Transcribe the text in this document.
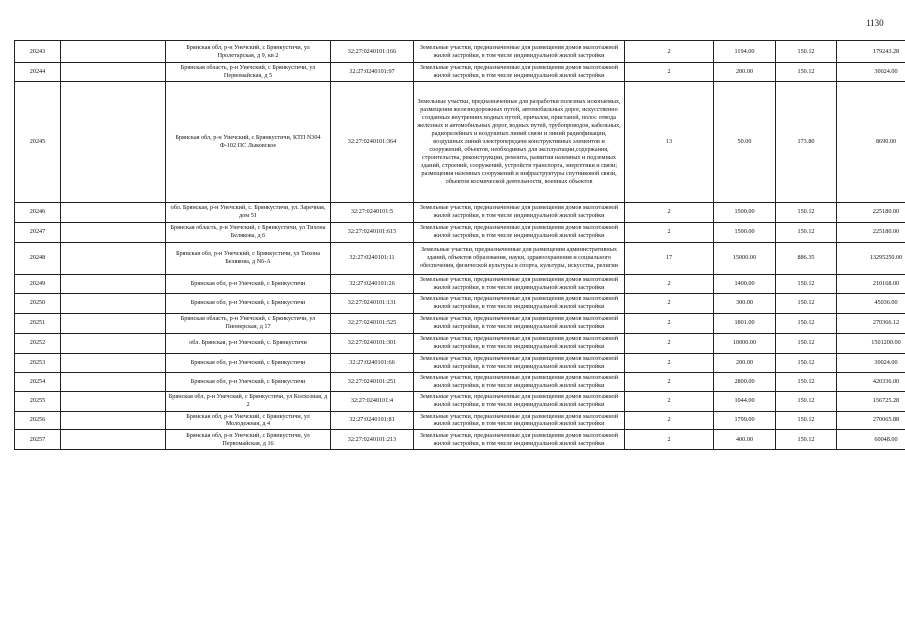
1130
20243		Брянская обл, р-н Унечский, с Брянкустичи, ул Пролетарская, д 9, кв 2	32:27:0240101:166	Земельные участки, предназначенные для размещения домов малоэтажной жилой застройки, в том числе индивидуальной жилой застройки	2	1194.00	150.12	179243.28
20244		Брянская область, р-н Унечский, с Брянкустичи, ул Первомайская, д 5	32:27:0240101:97	Земельные участки, предназначенные для размещения домов малоэтажной жилой застройки, в том числе индивидуальной жилой застройки	2	200.00	150.12	30024.00
20245		Брянская обл, р-н Унечский, с Брянкустичи, КТП N304 Ф-102 ПС Лыковское	32:27:0240101:364	Земельные участки, предназначенные для разработки полезных ископаемых, размещения железнодорожных путей, автомобильных дорог, искусственно созданных внутренних водных путей, причалов, пристаней, полос отвода железных и автомобильных дорог, водных путей, трубопроводов, кабельных, радиорелейных и воздушных линий связи и линий радиофикации, воздушных линий электропередачи конструктивных элементов и сооружений, объектов, необходимых для эксплуатации,содержания, строительства, реконструкции, ремонта, развития наземных и подземных зданий, строений, сооружений, устройств транспорта, энергетики и связи; размещения наземных сооружений и инфраструктуры спутниковой связи, объектов космической деятельности, военных объектов	13	50.00	173.80	8690.00
20246		обл. Брянская, р-н Унечский, с. Брянкустичи, ул. Заречная, дом 51	32:27:0240101:5	Земельные участки, предназначенные для размещения домов малоэтажной жилой застройки, в том числе индивидуальной жилой застройки	2	1500.00	150.12	225180.00
20247		Брянская область, р-н Унечский, с Брянкустичи, ул Тихона Белякова, д 6	32:27:0240101:615	Земельные участки, предназначенные для размещения домов малоэтажной жилой застройки, в том числе индивидуальной жилой застройки	2	1500.00	150.12	225180.00
20248		Брянская обл, р-н Унечский, с Брянкустичи, ул Тихона Белякова, д N6-А	32:27:0240101:11	Земельные участки, предназначенные для размещения административных зданий, объектов образования, науки, здравоохранения и социального обеспечения, физической культуры и спорта, культуры, искусства, религии	17	15000.00	886.35	13295250.00
20249		Брянская обл, р-н Унечский, с Брянкустичи	32:27:0240101:26	Земельные участки, предназначенные для размещения домов малоэтажной жилой застройки, в том числе индивидуальной жилой застройки	2	1400.00	150.12	210168.00
20250		Брянская обл, р-н Унечский, с Брянкустичи	32:27:0240101:131	Земельные участки, предназначенные для размещения домов малоэтажной жилой застройки, в том числе индивидуальной жилой застройки	2	300.00	150.12	45036.00
20251		Брянская область, р-н Унечский, с Брянкустичи, ул Пионерская, д 17	32:27:0240101:525	Земельные участки, предназначенные для размещения домов малоэтажной жилой застройки, в том числе индивидуальной жилой застройки	2	1801.00	150.12	270366.12
20252		обл. Брянская, р-н Унечский, с. Брянкустичи	32:27:0240101:301	Земельные участки, предназначенные для размещения домов малоэтажной жилой застройки, в том числе индивидуальной жилой застройки	2	10000.00	150.12	1501200.00
20253		Брянская обл, р-н Унечский, с Брянкустичи	32:27:0240101:66	Земельные участки, предназначенные для размещения домов малоэтажной жилой застройки, в том числе индивидуальной жилой застройки	2	200.00	150.12	30024.00
20254		Брянская обл, р-н Унечский, с Брянкустичи	32:27:0240101:251	Земельные участки, предназначенные для размещения домов малоэтажной жилой застройки, в том числе индивидуальной жилой застройки	2	2800.00	150.12	420336.00
20255		Брянская обл, р-н Унечский, с Брянкустичи, ул Колхозная, д 2	32:27:0240101:4	Земельные участки, предназначенные для размещения домов малоэтажной жилой застройки, в том числе индивидуальной жилой застройки	2	1044.00	150.12	156725.28
20256		Брянская обл, р-н Унечский, с Брянкустичи, ул Молодежная, д 4	32:27:0240101:81	Земельные участки, предназначенные для размещения домов малоэтажной жилой застройки, в том числе индивидуальной жилой застройки	2	1799.00	150.12	270065.88
20257		Брянская обл, р-н Унечский, с Брянкустичи, ул Первомайская, д 16	32:27:0240101:213	Земельные участки, предназначенные для размещения домов малоэтажной жилой застройки, в том числе индивидуальной жилой застройки	2	400.00	150.12	60048.00
